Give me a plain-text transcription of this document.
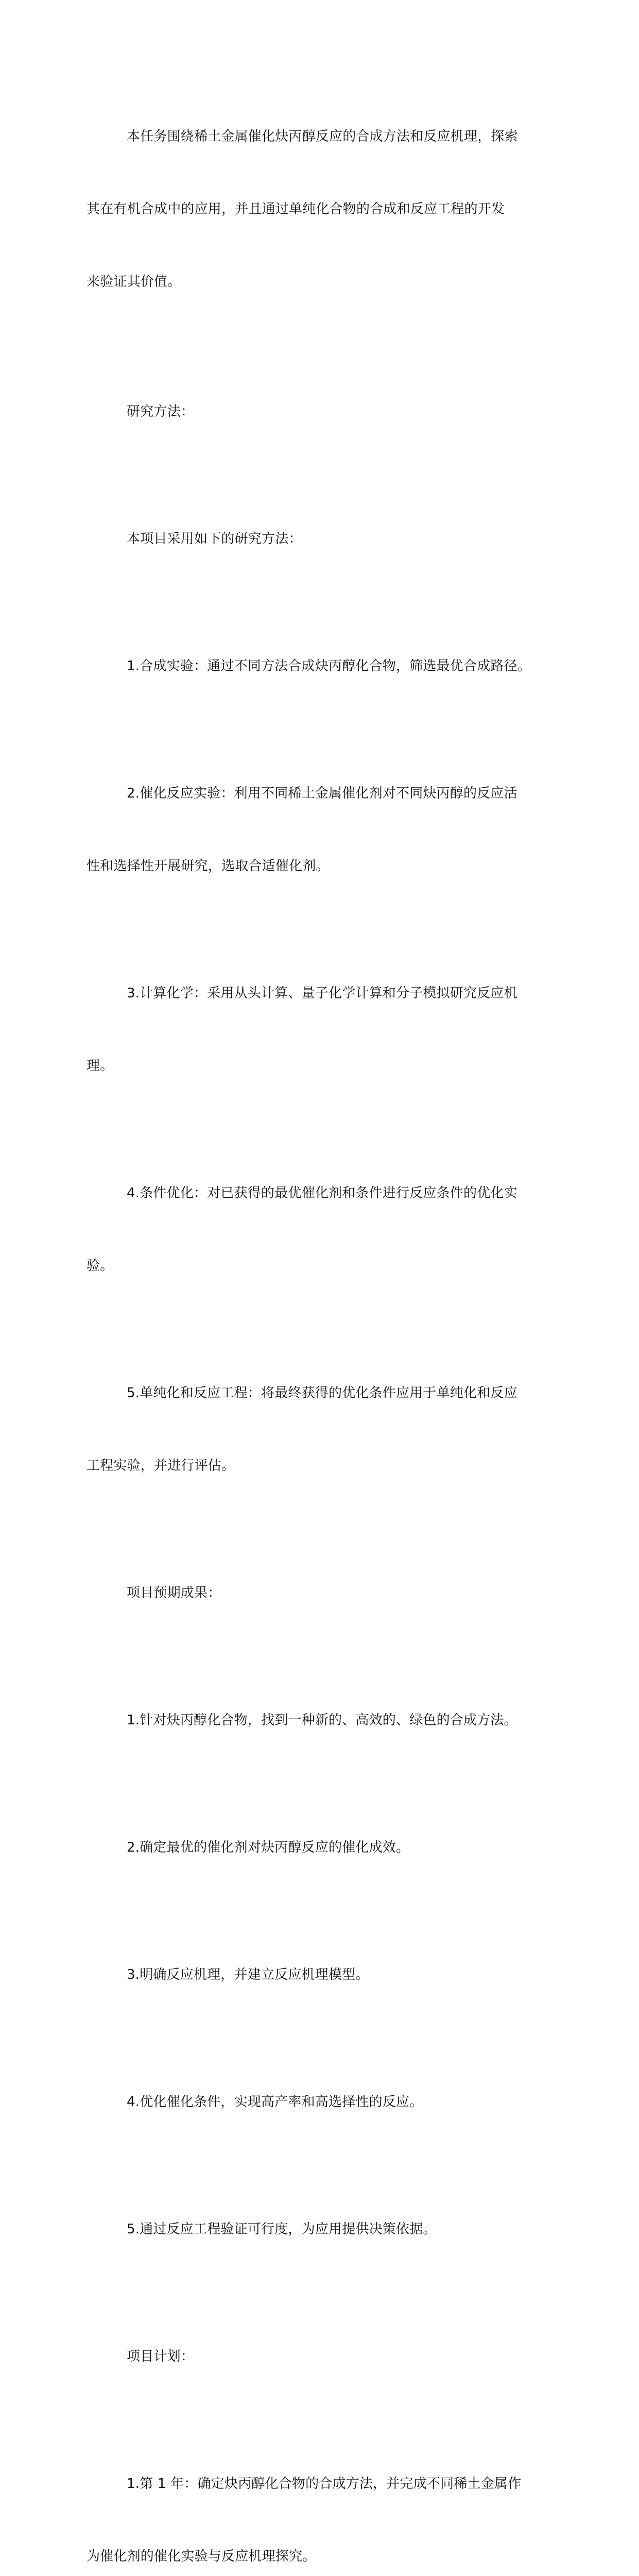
本任务围绕稀土金属催化炔丙醇反应的合成方法和反应机理，探索

其在有机合成中的应用，并且通过单纯化合物的合成和反应工程的开发

来验证其价值。

研究方法：

本项目采用如下的研究方法：

1.合成实验：通过不同方法合成炔丙醇化合物，筛选最优合成路径。

2.催化反应实验：利用不同稀土金属催化剂对不同炔丙醇的反应活

性和选择性开展研究，选取合适催化剂。

3.计算化学：采用从头计算、量子化学计算和分子模拟研究反应机

理。

4.条件优化：对已获得的最优催化剂和条件进行反应条件的优化实

验。

5.单纯化和反应工程：将最终获得的优化条件应用于单纯化和反应

工程实验，并进行评估。

项目预期成果：

1.针对炔丙醇化合物，找到一种新的、高效的、绿色的合成方法。

2.确定最优的催化剂对炔丙醇反应的催化成效。

3.明确反应机理，并建立反应机理模型。

4.优化催化条件，实现高产率和高选择性的反应。

5.通过反应工程验证可行度，为应用提供决策依据。

项目计划：

1.第 1 年：确定炔丙醇化合物的合成方法，并完成不同稀土金属作

为催化剂的催化实验与反应机理探究。
